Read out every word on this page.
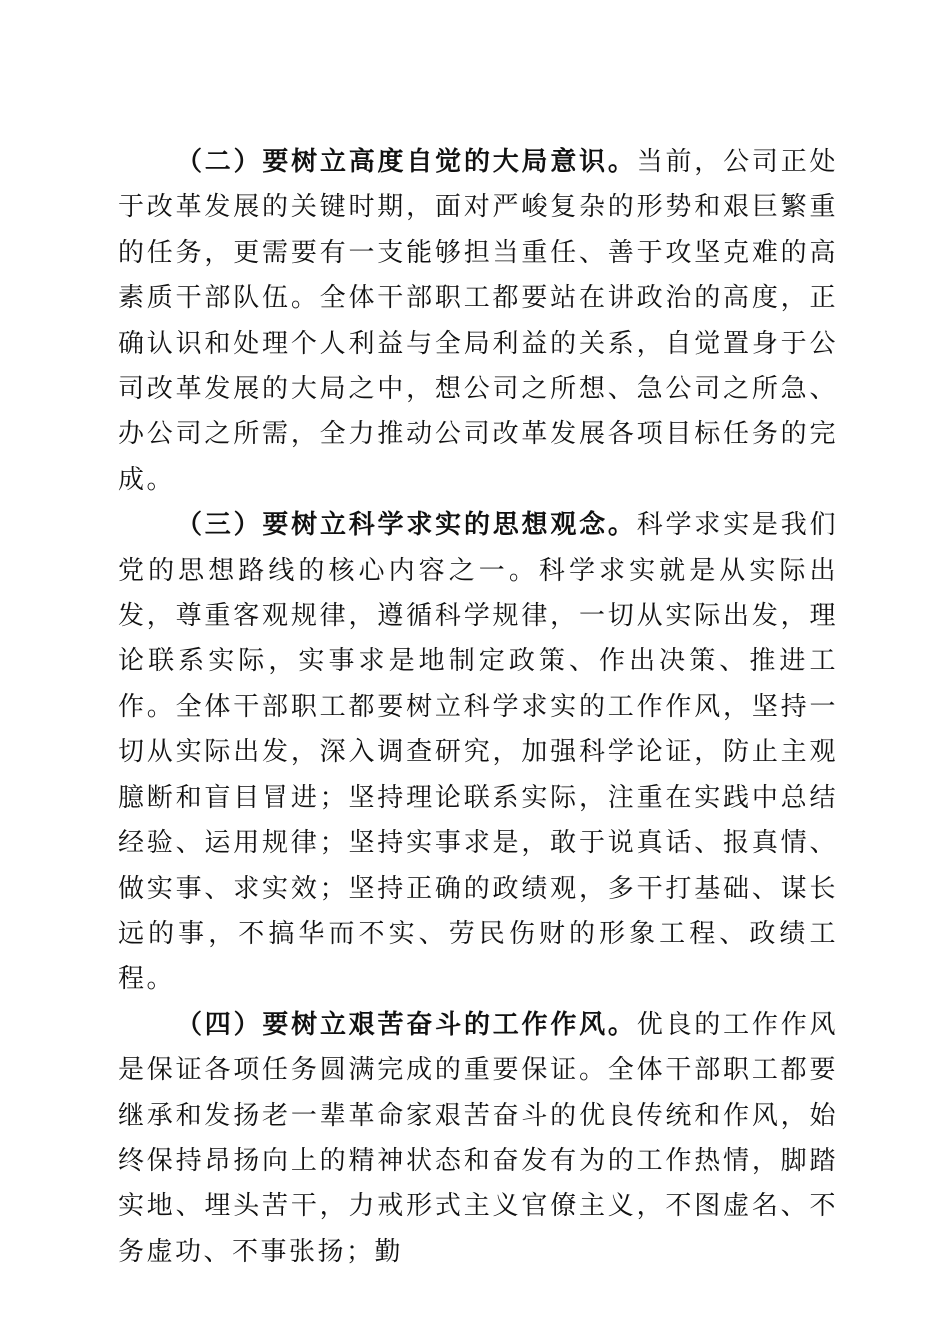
（二）要树立高度自觉的大局意识。当前，公司正处于改革发展的关键时期，面对严峻复杂的形势和艰巨繁重的任务，更需要有一支能够担当重任、善于攻坚克难的高素质干部队伍。全体干部职工都要站在讲政治的高度，正确认识和处理个人利益与全局利益的关系，自觉置身于公司改革发展的大局之中，想公司之所想、急公司之所急、办公司之所需，全力推动公司改革发展各项目标任务的完成。

（三）要树立科学求实的思想观念。科学求实是我们党的思想路线的核心内容之一。科学求实就是从实际出发，尊重客观规律，遵循科学规律，一切从实际出发，理论联系实际，实事求是地制定政策、作出决策、推进工作。全体干部职工都要树立科学求实的工作作风，坚持一切从实际出发，深入调查研究，加强科学论证，防止主观臆断和盲目冒进；坚持理论联系实际，注重在实践中总结经验、运用规律；坚持实事求是，敢于说真话、报真情、做实事、求实效；坚持正确的政绩观，多干打基础、谋长远的事，不搞华而不实、劳民伤财的形象工程、政绩工程。

（四）要树立艰苦奋斗的工作作风。优良的工作作风是保证各项任务圆满完成的重要保证。全体干部职工都要继承和发扬老一辈革命家艰苦奋斗的优良传统和作风，始终保持昂扬向上的精神状态和奋发有为的工作热情，脚踏实地、埋头苦干，力戒形式主义官僚主义，不图虚名、不务虚功、不事张扬；勤
